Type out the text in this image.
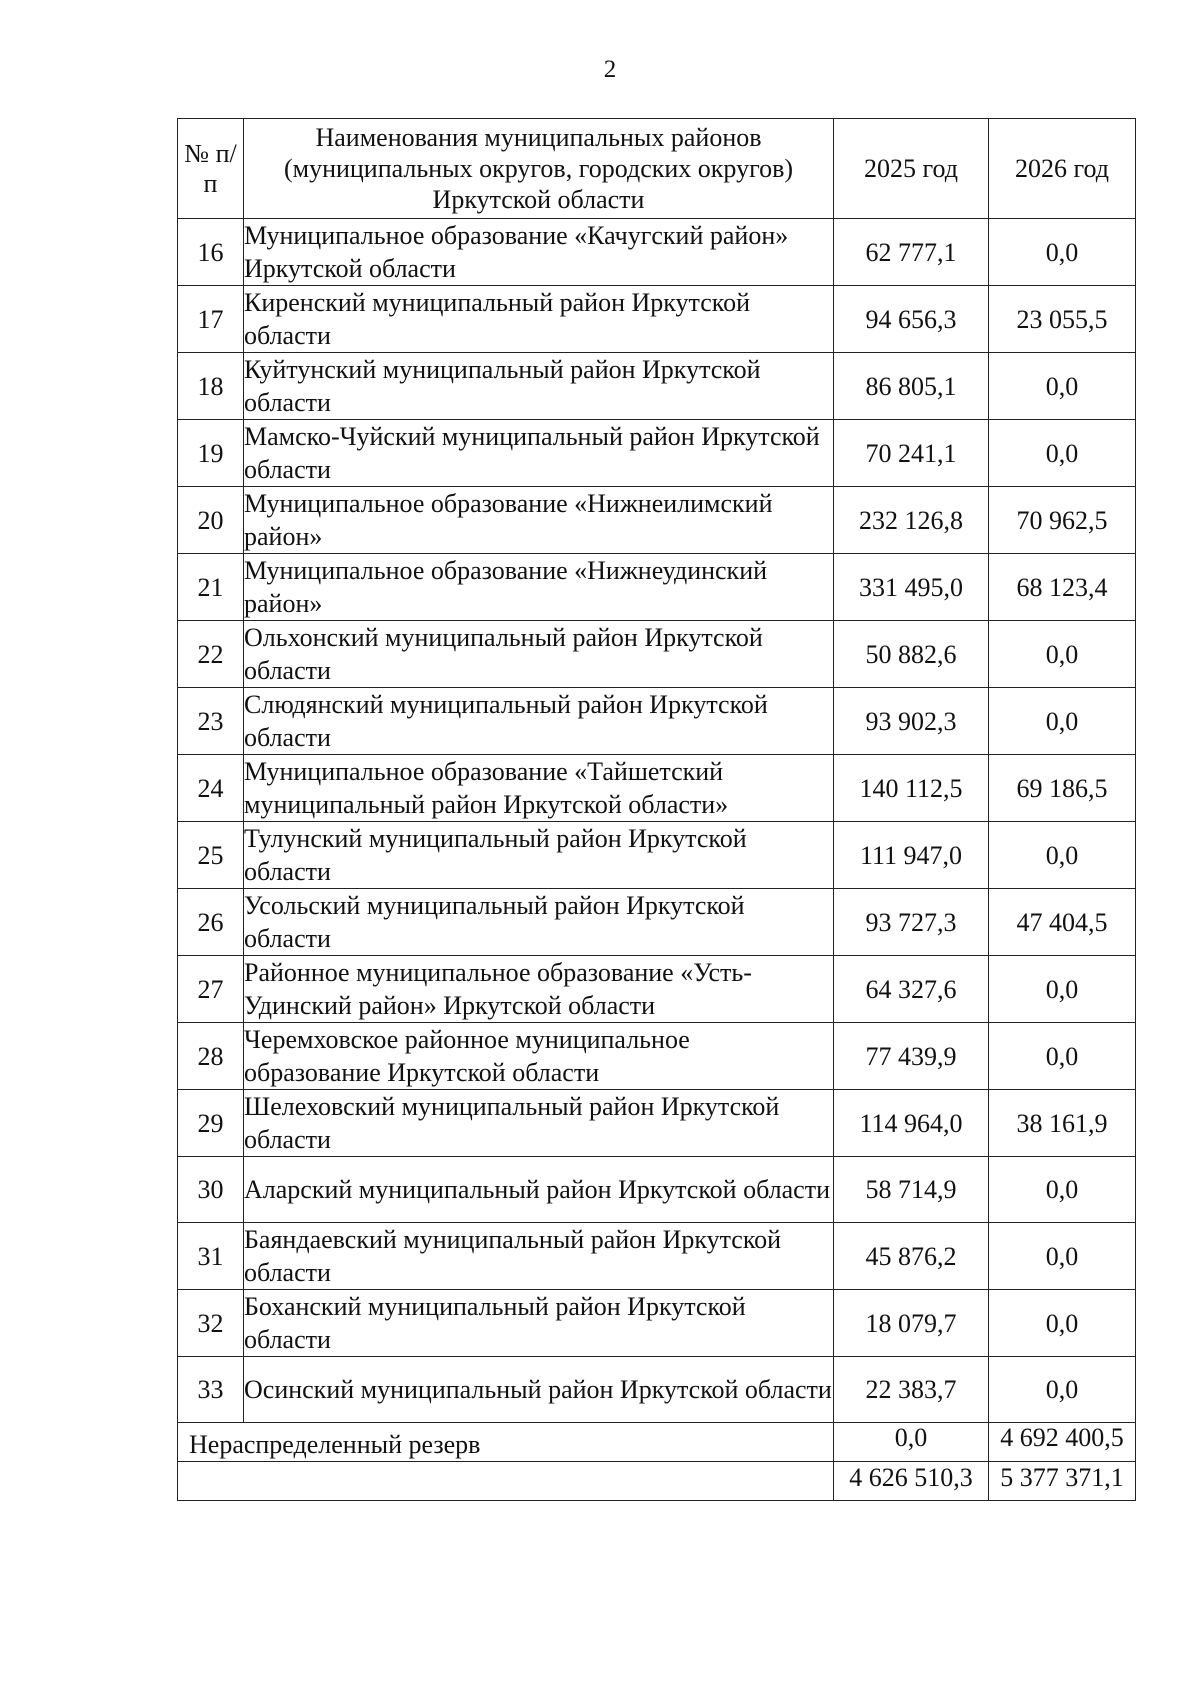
2
№ п/п	Наименования муниципальных районов (муниципальных округов, городских округов) Иркутской области	2025 год	2026 год
16	Муниципальное образование «Качугский район» Иркутской области	62 777,1	0,0
17	Киренский муниципальный район Иркутской области	94 656,3	23 055,5
18	Куйтунский муниципальный район Иркутской области	86 805,1	0,0
19	Мамско-Чуйский муниципальный район Иркутской области	70 241,1	0,0
20	Муниципальное образование «Нижнеилимский район»	232 126,8	70 962,5
21	Муниципальное образование «Нижнеудинский район»	331 495,0	68 123,4
22	Ольхонский муниципальный район Иркутской области	50 882,6	0,0
23	Слюдянский муниципальный район Иркутской области	93 902,3	0,0
24	Муниципальное образование «Тайшетский муниципальный район Иркутской области»	140 112,5	69 186,5
25	Тулунский муниципальный район Иркутской области	111 947,0	0,0
26	Усольский муниципальный район Иркутской области	93 727,3	47 404,5
27	Районное муниципальное образование «Усть-Удинский район» Иркутской области	64 327,6	0,0
28	Черемховское районное муниципальное образование Иркутской области	77 439,9	0,0
29	Шелеховский муниципальный район Иркутской области	114 964,0	38 161,9
30	Аларский муниципальный район Иркутской области	58 714,9	0,0
31	Баяндаевский муниципальный район Иркутской области	45 876,2	0,0
32	Боханский муниципальный район Иркутской области	18 079,7	0,0
33	Осинский муниципальный район Иркутской области	22 383,7	0,0
Нераспределенный резерв		0,0	4 692 400,5
		4 626 510,3	5 377 371,1
